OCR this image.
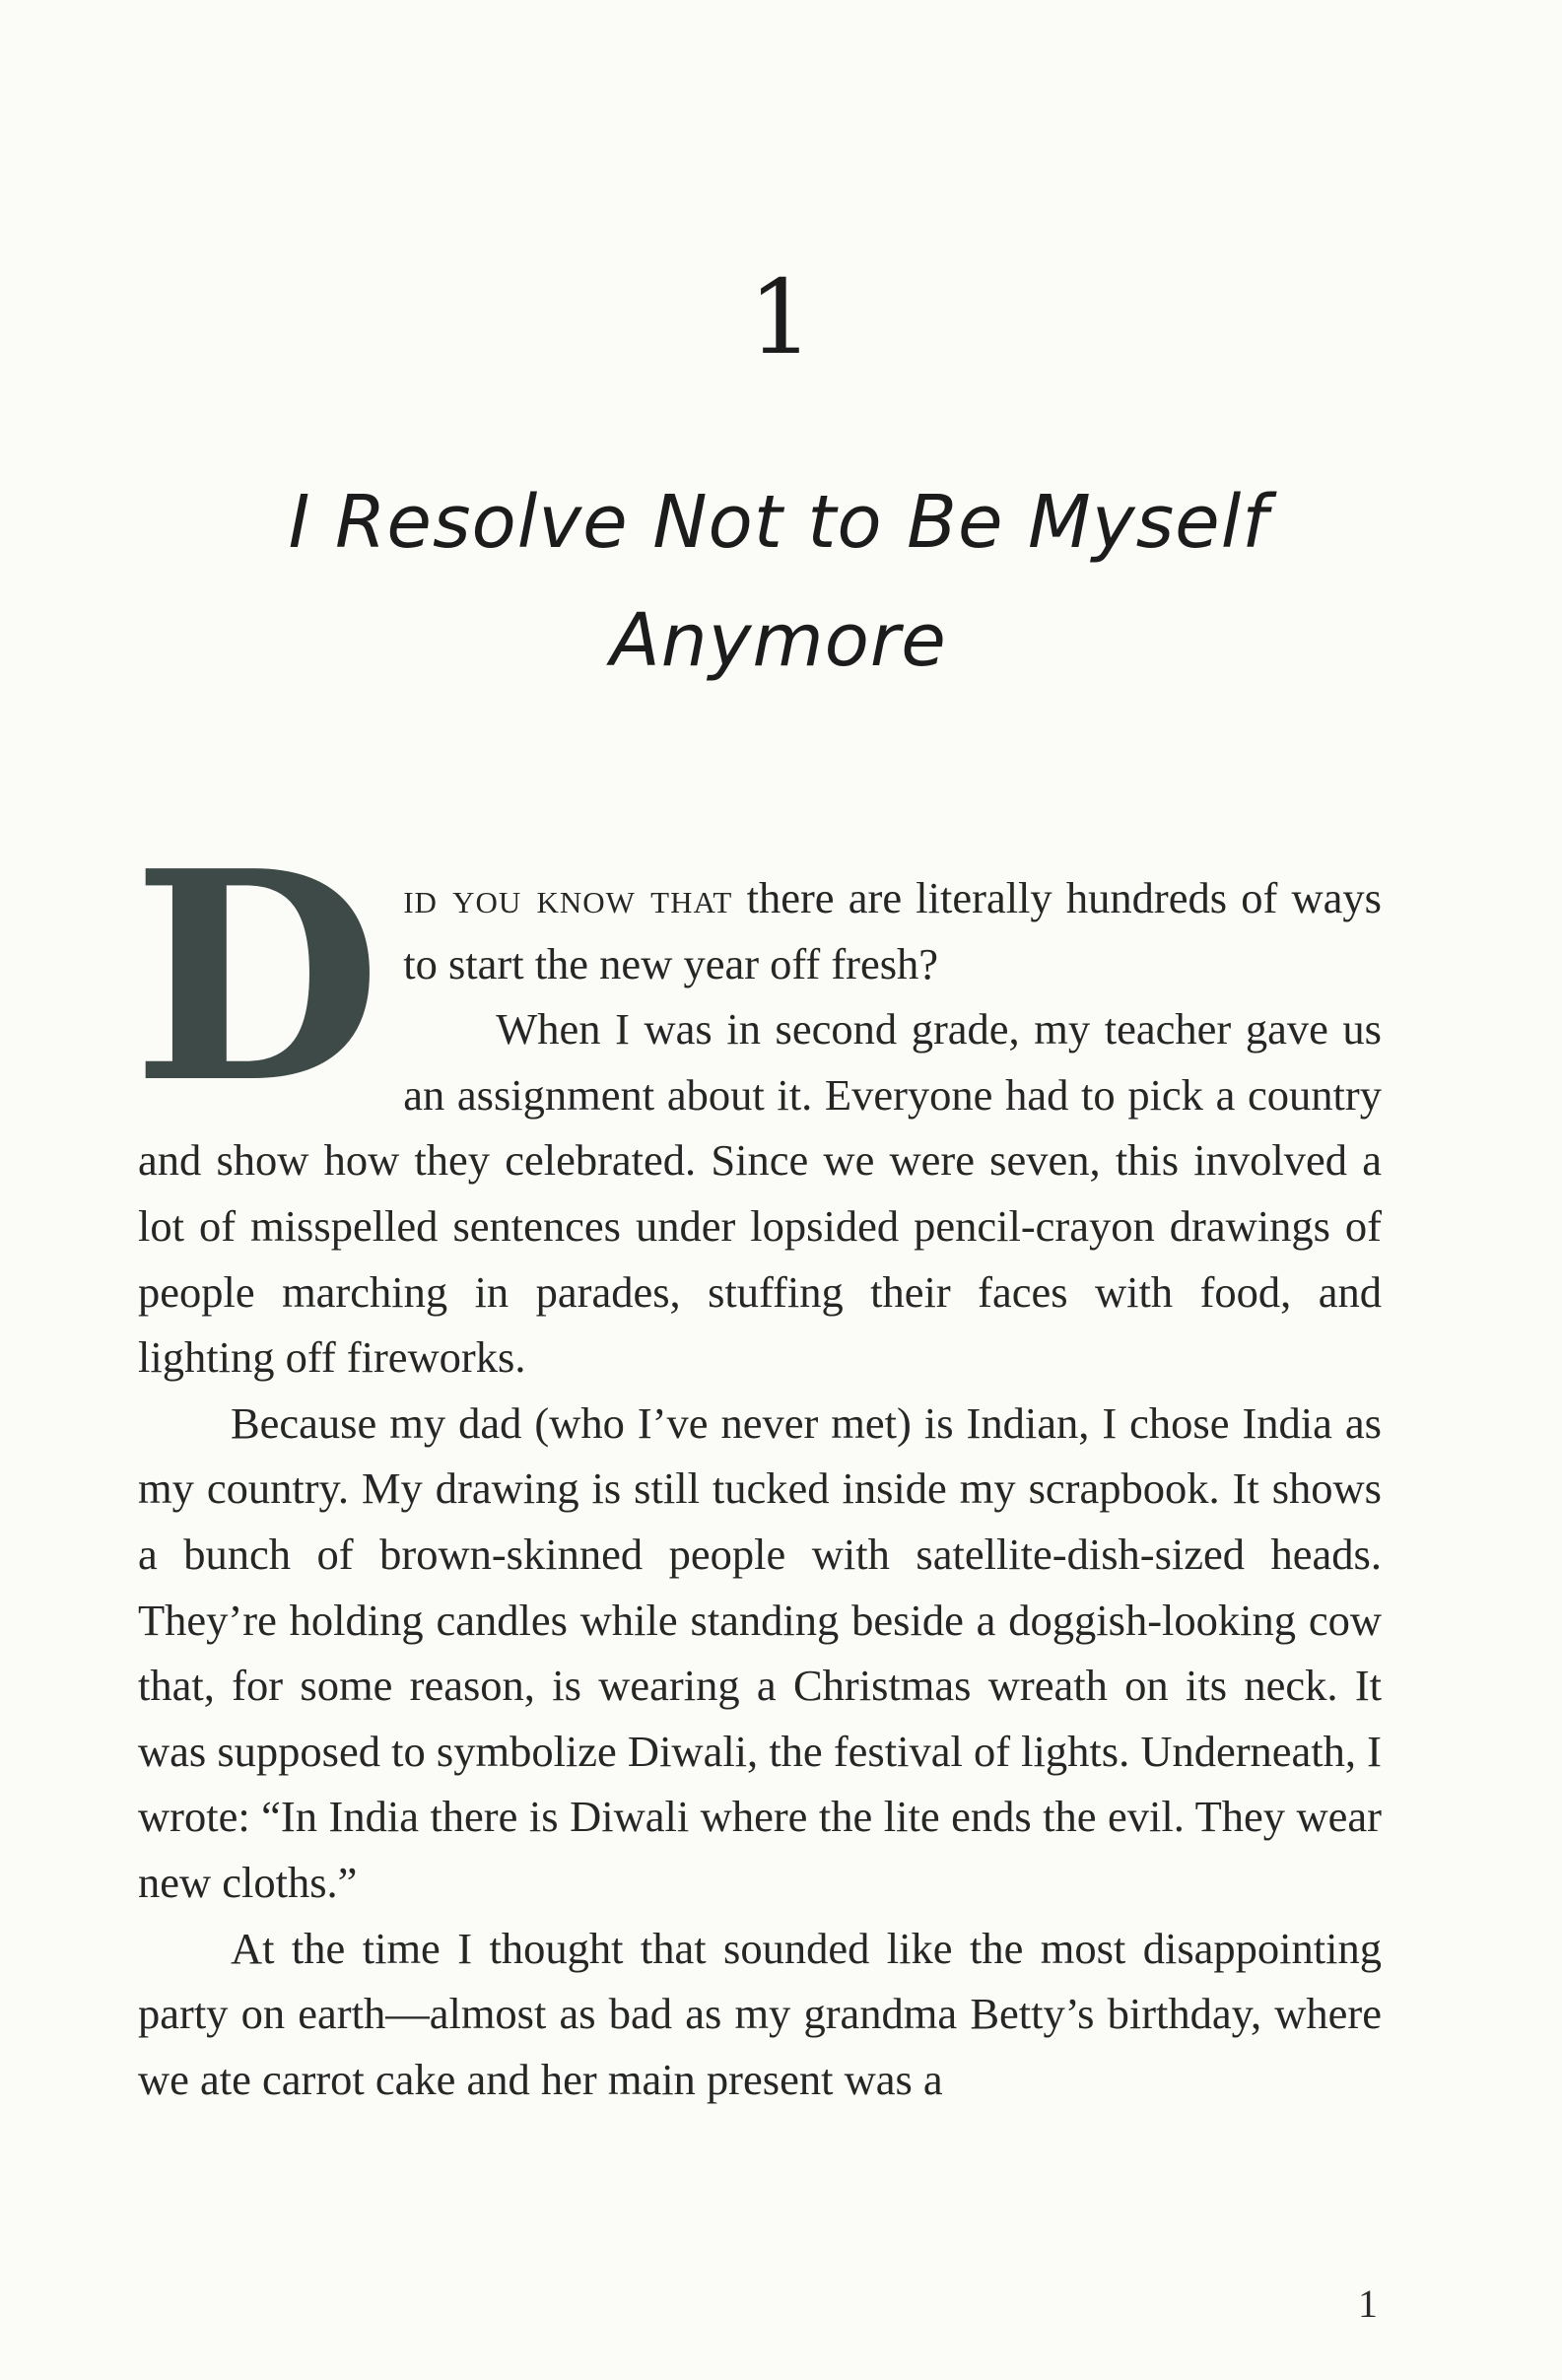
1
I Resolve Not to Be Myself
Anymore

Did you know that there are literally hundreds of ways to start the new year off fresh?

When I was in second grade, my teacher gave us an assignment about it. Everyone had to pick a country and show how they celebrated. Since we were seven, this involved a lot of misspelled sentences under lopsided pencil-crayon drawings of people marching in parades, stuffing their faces with food, and lighting off fireworks.

Because my dad (who I’ve never met) is Indian, I chose India as my country. My drawing is still tucked inside my scrapbook. It shows a bunch of brown-skinned people with satellite-dish-sized heads. They’re holding candles while standing beside a doggish-looking cow that, for some reason, is wearing a Christmas wreath on its neck. It was supposed to symbolize Diwali, the festival of lights. Underneath, I wrote: “In India there is Diwali where the lite ends the evil. They wear new cloths.”

At the time I thought that sounded like the most disappointing party on earth—almost as bad as my grandma Betty’s birthday, where we ate carrot cake and her main present was a

1
